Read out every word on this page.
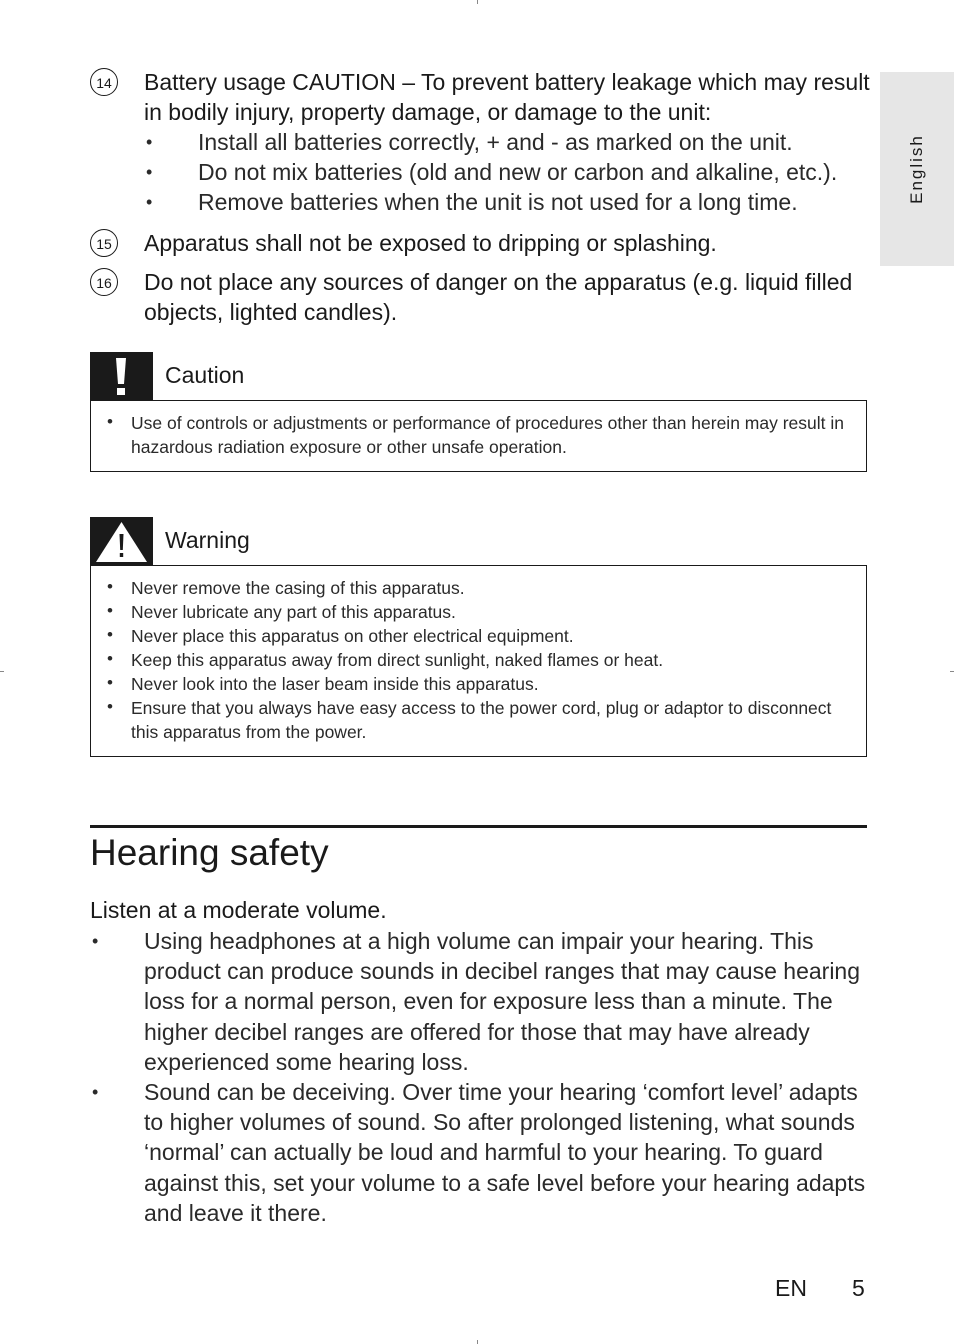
English
14 Battery usage CAUTION – To prevent battery leakage which may result in bodily injury, property damage, or damage to the unit:
• Install all batteries correctly, + and - as marked on the unit.
• Do not mix batteries (old and new or carbon and alkaline, etc.).
• Remove batteries when the unit is not used for a long time.
15 Apparatus shall not be exposed to dripping or splashing.
16 Do not place any sources of danger on the apparatus (e.g. liquid filled objects, lighted candles).
Caution
• Use of controls or adjustments or performance of procedures other than herein may result in hazardous radiation exposure or other unsafe operation.
Warning
• Never remove the casing of this apparatus.
• Never lubricate any part of this apparatus.
• Never place this apparatus on other electrical equipment.
• Keep this apparatus away from direct sunlight, naked flames or heat.
• Never look into the laser beam inside this apparatus.
• Ensure that you always have easy access to the power cord, plug or adaptor to disconnect this apparatus from the power.
Hearing safety
Listen at a moderate volume.
• Using headphones at a high volume can impair your hearing. This product can produce sounds in decibel ranges that may cause hearing loss for a normal person, even for exposure less than a minute. The higher decibel ranges are offered for those that may have already experienced some hearing loss.
• Sound can be deceiving. Over time your hearing ‘comfort level’ adapts to higher volumes of sound. So after prolonged listening, what sounds ‘normal’ can actually be loud and harmful to your hearing. To guard against this, set your volume to a safe level before your hearing adapts and leave it there.
EN 5
